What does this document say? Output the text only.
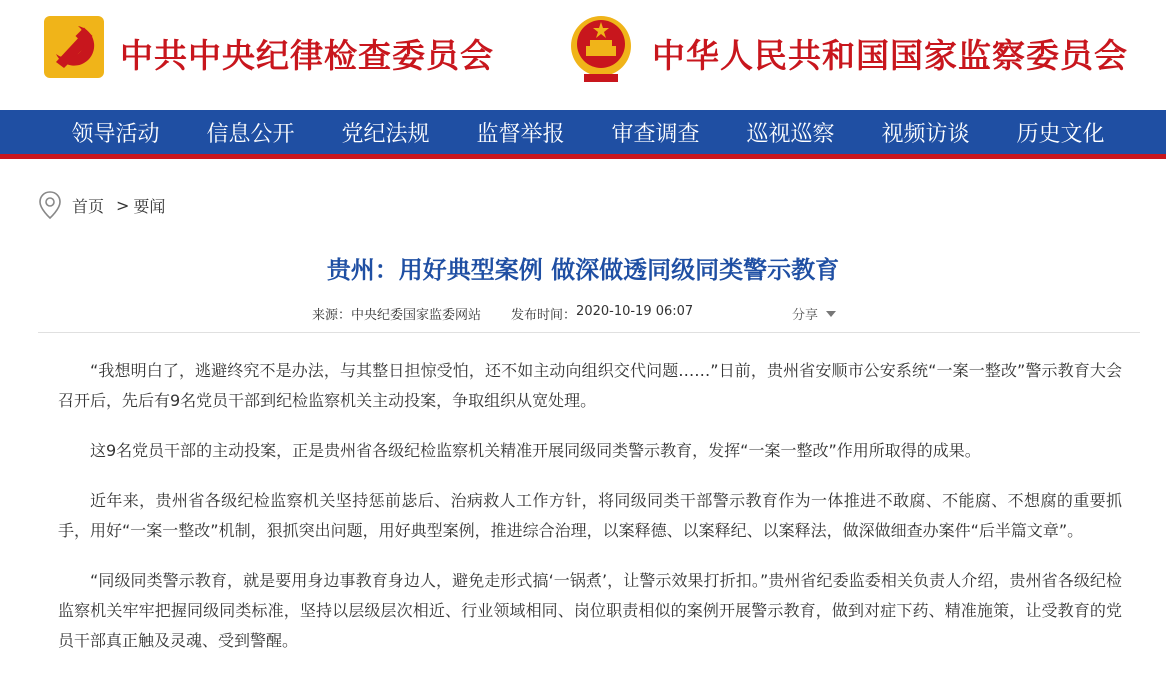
中共中央纪律检查委员会	中华人民共和国国家监察委员会
领导活动	信息公开	党纪法规	监督举报	审查调查	巡视巡察	视频访谈	历史文化
首页 > 要闻
贵州：用好典型案例 做深做透同级同类警示教育
来源： 中央纪委国家监委网站 发布时间： 2020-10-19 06:07	分享

“我想明白了，逃避终究不是办法，与其整日担惊受怕，还不如主动向组织交代问题……”日前，贵州省安顺市公安系统“一案一整改”警示教育大会召开后，先后有9名党员干部到纪检监察机关主动投案，争取组织从宽处理。

这9名党员干部的主动投案，正是贵州省各级纪检监察机关精准开展同级同类警示教育，发挥“一案一整改”作用所取得的成果。

近年来，贵州省各级纪检监察机关坚持惩前毖后、治病救人工作方针，将同级同类干部警示教育作为一体推进不敢腐、不能腐、不想腐的重要抓手，用好“一案一整改”机制，狠抓突出问题，用好典型案例，推进综合治理，以案释德、以案释纪、以案释法，做深做细查办案件“后半篇文章”。

“同级同类警示教育，就是要用身边事教育身边人，避免走形式搞‘一锅煮’，让警示效果打折扣。”贵州省纪委监委相关负责人介绍，贵州省各级纪检监察机关牢牢把握同级同类标准，坚持以层级层次相近、行业领域相同、岗位职责相似的案例开展警示教育，做到对症下药、精准施策，让受教育的党员干部真正触及灵魂、受到警醒。
